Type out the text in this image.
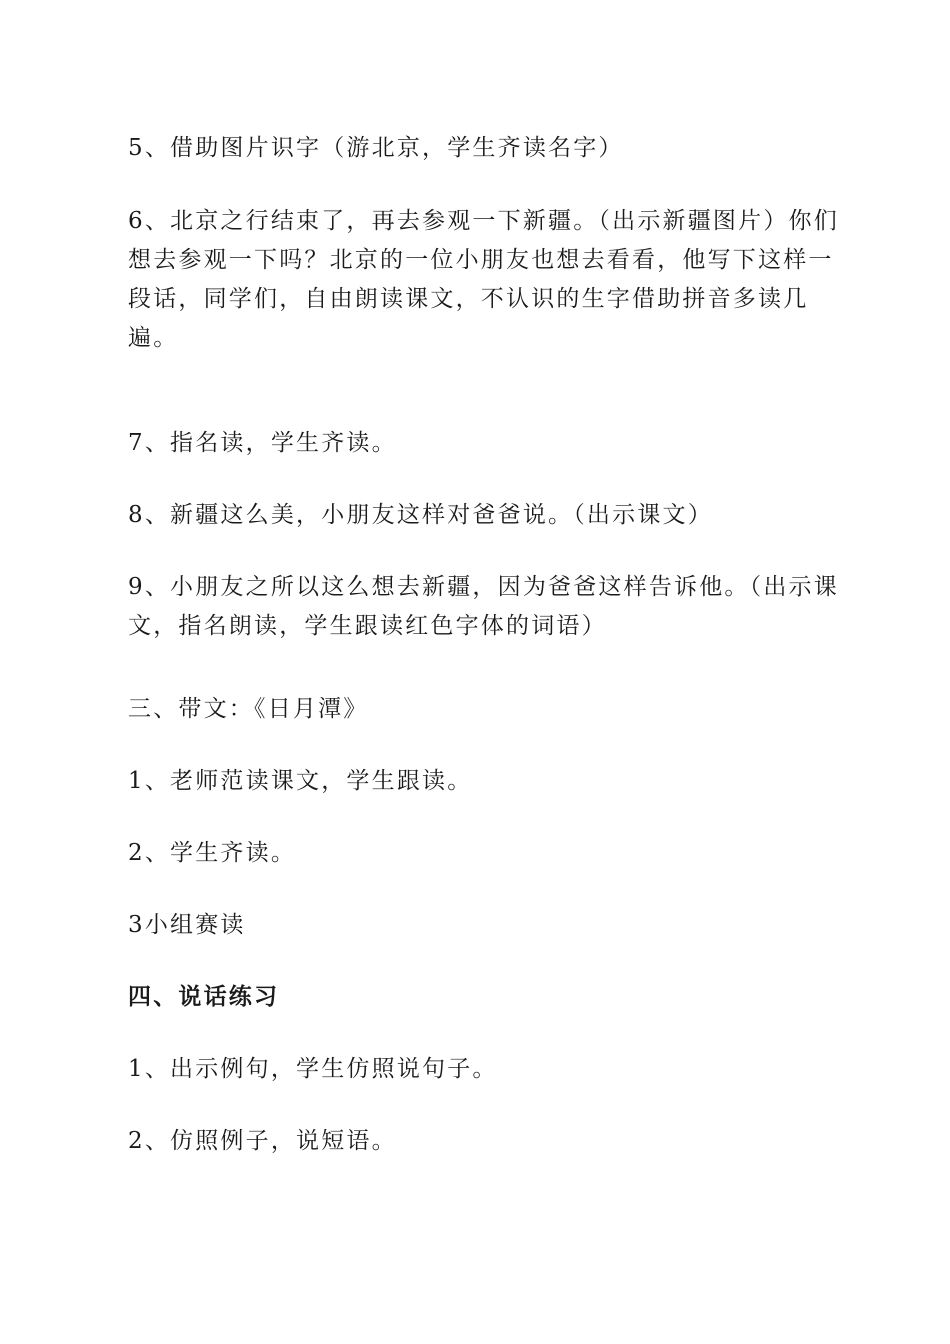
5、借助图片识字（游北京，学生齐读名字）

6、北京之行结束了，再去参观一下新疆。（出示新疆图片）你们想去参观一下吗？北京的一位小朋友也想去看看，他写下这样一段话，同学们，自由朗读课文，不认识的生字借助拼音多读几遍。

7、指名读，学生齐读。

8、新疆这么美，小朋友这样对爸爸说。（出示课文）

9、小朋友之所以这么想去新疆，因为爸爸这样告诉他。（出示课文，指名朗读，学生跟读红色字体的词语）

三、带文：《日月潭》

1、老师范读课文，学生跟读。

2、学生齐读。

3小组赛读

四、说话练习

1、出示例句，学生仿照说句子。

2、仿照例子，说短语。
